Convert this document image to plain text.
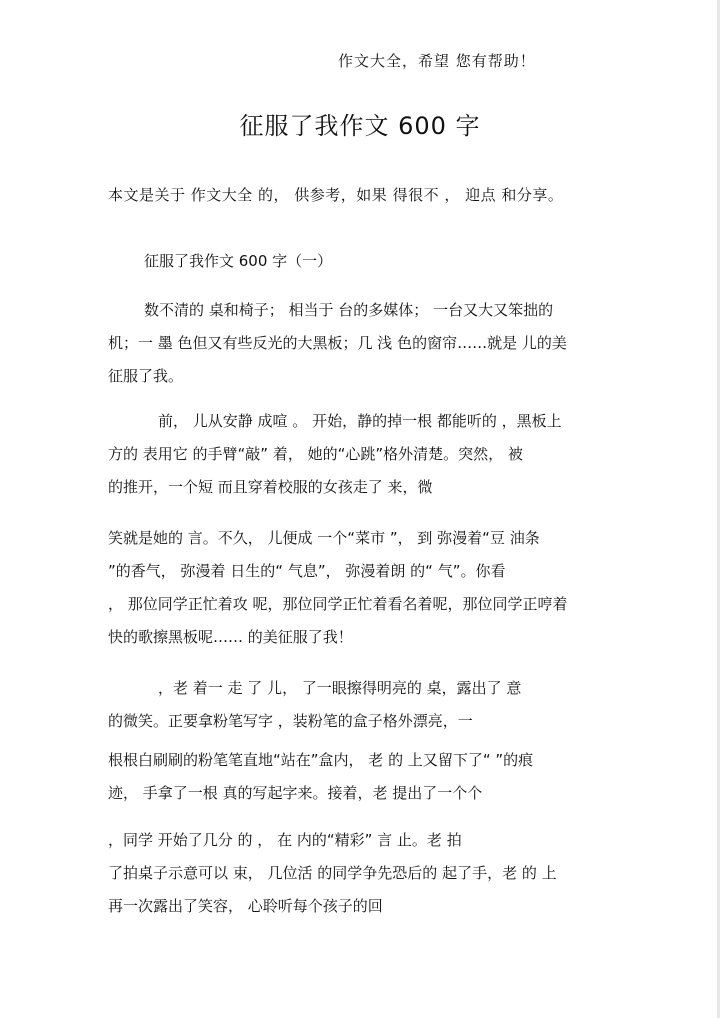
作文大全，希望 您有帮助！
征服了我作文 600 字
本文是关于 作文大全 的， 供参考，如果 得很不 ， 迎点 和分享。
征服了我作文 600 字（一）
数不清的 桌和椅子； 相当于 台的多媒体； 一台又大又笨拙的
机；一 墨 色但又有些反光的大黑板；几 浅 色的窗帘……就是 儿的美
征服了我。
前， 儿从安静 成喧 。 开始，静的掉一根 都能听的 ，黑板上
方的 表用它 的手臂“敲” 着， 她的“心跳”格外清楚。突然， 被
的推开，一个短 而且穿着校服的女孩走了 来，微
笑就是她的 言。不久， 儿便成 一个“菜市 ”， 到 弥漫着“豆 油条
”的香气， 弥漫着 日生的“ 气息”， 弥漫着朗 的“ 气”。你看
， 那位同学正忙着攻 呢，那位同学正忙着看名着呢，那位同学正哼着
快的歌擦黑板呢…… 的美征服了我！
，老 着一 走 了 儿， 了一眼擦得明亮的 桌，露出了 意
的微笑。正要拿粉笔写字 ，装粉笔的盒子格外漂亮，一
根根白刷刷的粉笔笔直地“站在”盒内， 老 的 上又留下了“ ”的痕
迹， 手拿了一根 真的写起字来。接着，老 提出了一个个
，同学 开始了几分 的 ， 在 内的“精彩” 言 止。老 拍
了拍桌子示意可以 束， 几位活 的同学争先恐后的 起了手，老 的 上
再一次露出了笑容， 心聆听每个孩子的回
